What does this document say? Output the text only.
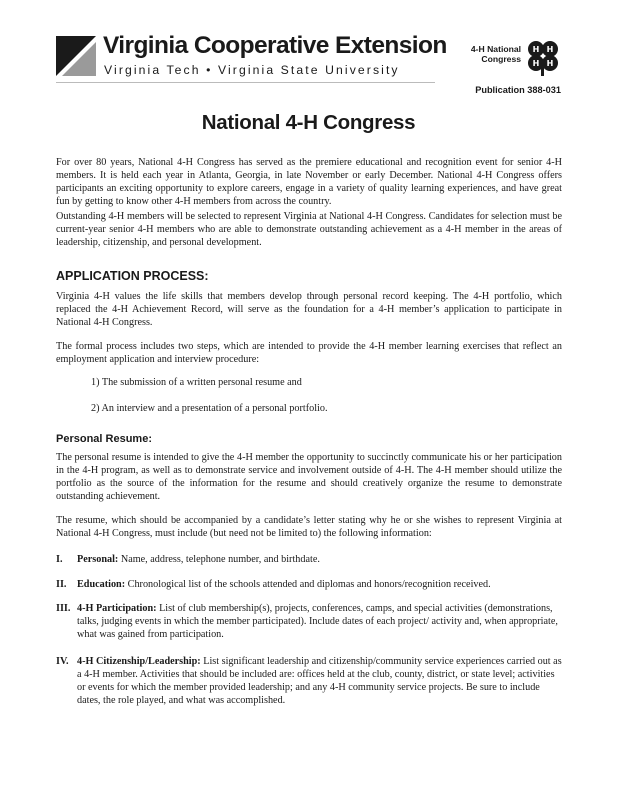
Virginia Cooperative Extension
Virginia Tech • Virginia State University
4-H National
Congress
H H
H H
Publication 388-031
National 4-H Congress

For over 80 years, National 4-H Congress has served as the premiere educational and recognition event for senior 4-H members. It is held each year in Atlanta, Georgia, in late November or early December. National 4-H Congress offers participants an exciting opportunity to explore careers, engage in a variety of quality learning experiences, and have great fun by getting to know other 4-H members from across the country.

Outstanding 4-H members will be selected to represent Virginia at National 4-H Congress. Candidates for selection must be current-year senior 4-H members who are able to demonstrate outstanding achievement as a 4-H member in the areas of leadership, citizenship, and personal development.

APPLICATION PROCESS:

Virginia 4-H values the life skills that members develop through personal record keeping. The 4-H portfolio, which replaced the 4-H Achievement Record, will serve as the foundation for a 4-H member’s application to participate in National 4-H Congress.

The formal process includes two steps, which are intended to provide the 4-H member learning exercises that reflect an employment application and interview procedure:

1) The submission of a written personal resume and
2) An interview and a presentation of a personal portfolio.
Personal Resume:

The personal resume is intended to give the 4-H member the opportunity to succinctly communicate his or her participation in the 4-H program, as well as to demonstrate service and involvement outside of 4-H. The 4-H member should utilize the portfolio as the source of the information for the resume and should creatively organize the resume to demonstrate outstanding achievement.

The resume, which should be accompanied by a candidate’s letter stating why he or she wishes to represent Virginia at National 4-H Congress, must include (but need not be limited to) the following information:

I. Personal: Name, address, telephone number, and birthdate.
II. Education: Chronological list of the schools attended and diplomas and honors/recognition received.
III. 4-H Participation: List of club membership(s), projects, conferences, camps, and special activities (demonstrations, talks, judging events in which the member participated). Include dates of each project/ activity and, when appropriate, what was gained from participation.
IV. 4-H Citizenship/Leadership: List significant leadership and citizenship/community service experiences carried out as a 4-H member. Activities that should be included are: offices held at the club, county, district, or state level; activities or events for which the member provided leadership; and any 4-H community service projects. Be sure to include dates, the role played, and what was accomplished.
